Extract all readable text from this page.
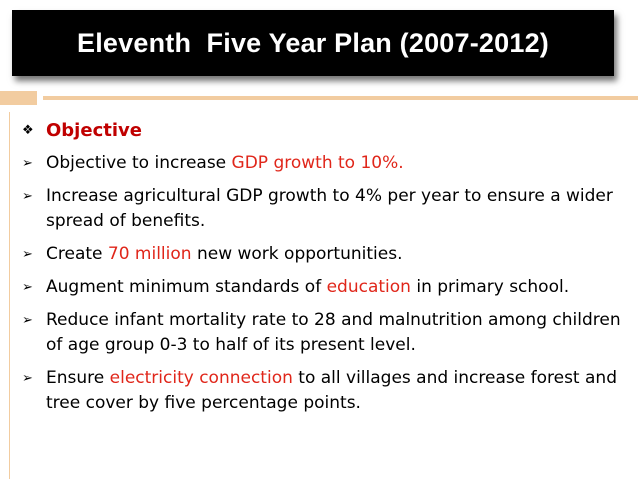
Eleventh  Five Year Plan (2007-2012)
❖ Objective
➢ Objective to increase GDP growth to 10%.
➢ Increase agricultural GDP growth to 4% per year to ensure a wider spread of benefits.
➢ Create 70 million new work opportunities.
➢ Augment minimum standards of education in primary school.
➢ Reduce infant mortality rate to 28 and malnutrition among children of age group 0-3 to half of its present level.
➢ Ensure electricity connection to all villages and increase forest and tree cover by five percentage points.
